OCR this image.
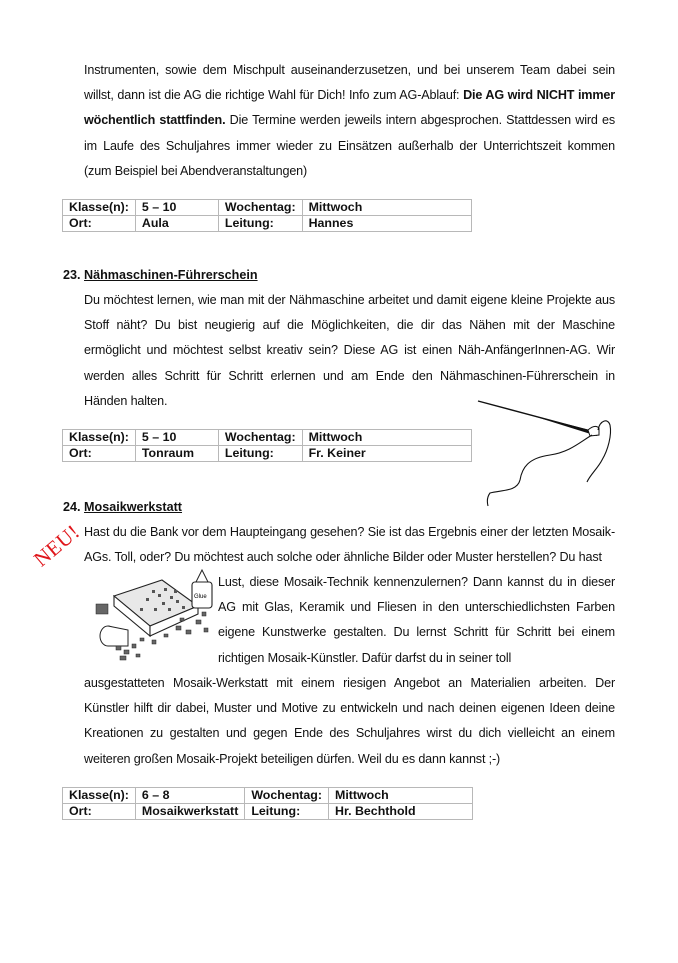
Instrumenten, sowie dem Mischpult auseinanderzusetzen, und bei unserem Team dabei sein willst, dann ist die AG die richtige Wahl für Dich! Info zum AG-Ablauf: Die AG wird NICHT immer wöchentlich stattfinden. Die Termine werden jeweils intern abgesprochen. Stattdessen wird es im Laufe des Schuljahres immer wieder zu Einsätzen außerhalb der Unterrichtszeit kommen (zum Beispiel bei Abendveranstaltungen)
Klasse(n):	5 – 10	Wochentag:	Mittwoch
Ort:	Aula	Leitung:	Hannes
23. Nähmaschinen-Führerschein
Du möchtest lernen, wie man mit der Nähmaschine arbeitet und damit eigene kleine Projekte aus Stoff näht? Du bist neugierig auf die Möglichkeiten, die dir das Nähen mit der Maschine ermöglicht und möchtest selbst kreativ sein? Diese AG ist einen Näh-AnfängerInnen-AG. Wir werden alles Schritt für Schritt erlernen und am Ende den Nähmaschinen-Führerschein in Händen halten.
Klasse(n):	5 – 10	Wochentag:	Mittwoch
Ort:	Tonraum	Leitung:	Fr. Keiner
24. Mosaikwerkstatt
NEU! Hast du die Bank vor dem Haupteingang gesehen? Sie ist das Ergebnis einer der letzten Mosaik-AGs. Toll, oder? Du möchtest auch solche oder ähnliche Bilder oder Muster herstellen? Du hast
Glue
Lust, diese Mosaik-Technik kennenzulernen? Dann kannst du in dieser AG mit Glas, Keramik und Fliesen in den unterschiedlichsten Farben eigene Kunstwerke gestalten. Du lernst Schritt für Schritt bei einem richtigen Mosaik-Künstler. Dafür darfst du in seiner toll
ausgestatteten Mosaik-Werkstatt mit einem riesigen Angebot an Materialien arbeiten. Der Künstler hilft dir dabei, Muster und Motive zu entwickeln und nach deinen eigenen Ideen deine Kreationen zu gestalten und gegen Ende des Schuljahres wirst du dich vielleicht an einem weiteren großen Mosaik-Projekt beteiligen dürfen. Weil du es dann kannst ;-)
Klasse(n):	6 – 8	Wochentag:	Mittwoch
Ort:	Mosaikwerkstatt	Leitung:	Hr. Bechthold
